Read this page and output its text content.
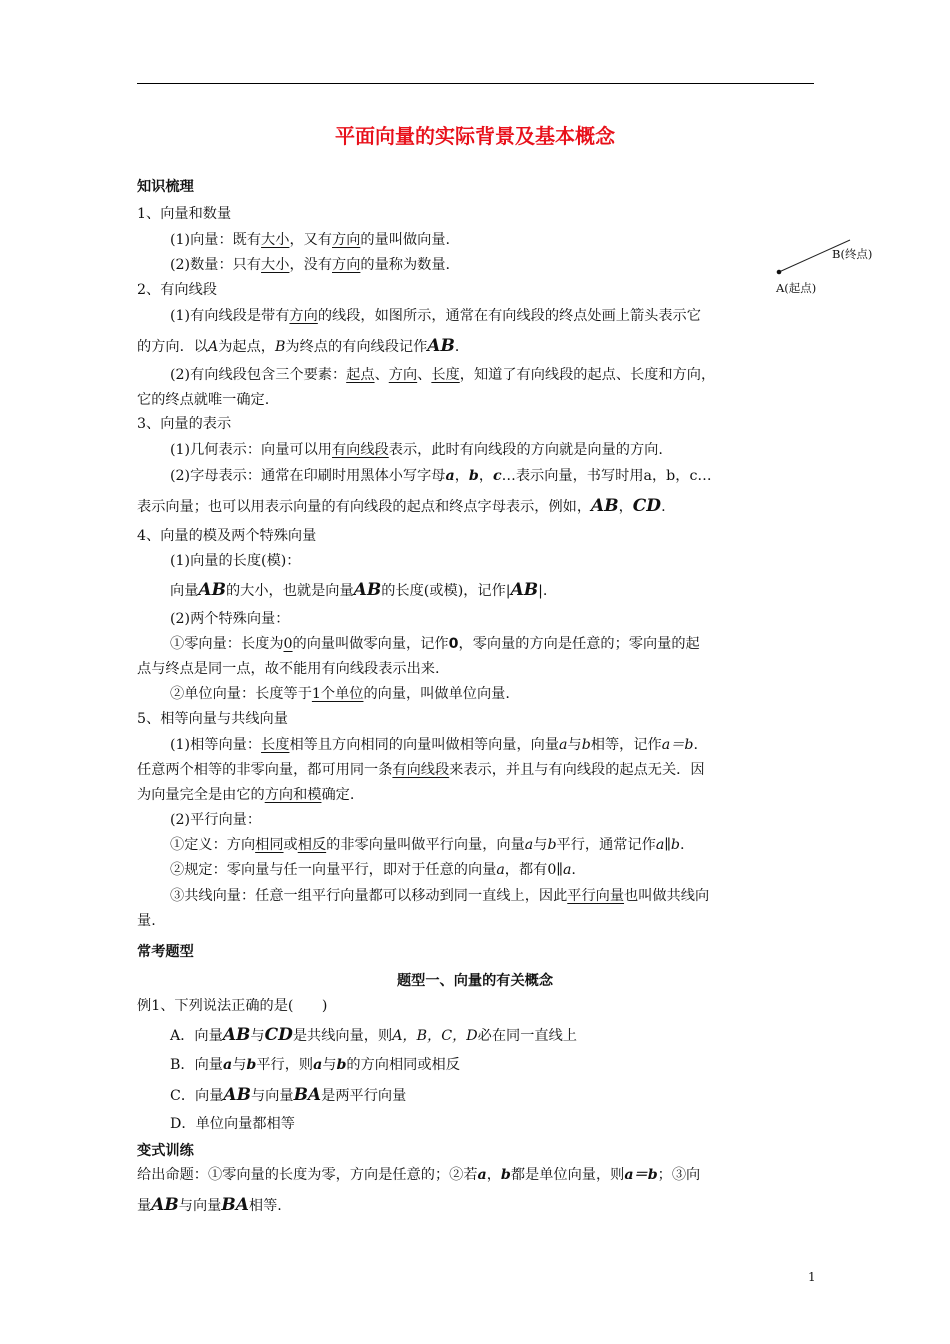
平面向量的实际背景及基本概念
知识梳理
1、向量和数量
(1)向量：既有大小，又有方向的量叫做向量.
(2)数量：只有大小，没有方向的量称为数量.
B(终点)
A(起点)
2、有向线段
(1)有向线段是带有方向的线段，如图所示，通常在有向线段的终点处画上箭头表示它
的方向．以A为起点，B为终点的有向线段记作AB．
(2)有向线段包含三个要素：起点、方向、长度，知道了有向线段的起点、长度和方向，
它的终点就唯一确定.
3、向量的表示
(1)几何表示：向量可以用有向线段表示，此时有向线段的方向就是向量的方向.
(2)字母表示：通常在印刷时用黑体小写字母a，b，c…表示向量，书写时用a，b，c…
表示向量；也可以用表示向量的有向线段的起点和终点字母表示，例如，AB，CD.
4、向量的模及两个特殊向量
(1)向量的长度(模)：
向量AB的大小，也就是向量AB的长度(或模)，记作|AB|.
(2)两个特殊向量：
①零向量：长度为0的向量叫做零向量，记作0，零向量的方向是任意的；零向量的起
点与终点是同一点，故不能用有向线段表示出来.
②单位向量：长度等于1个单位的向量，叫做单位向量.
5、相等向量与共线向量
(1)相等向量：长度相等且方向相同的向量叫做相等向量，向量a与b相等，记作a＝b.
任意两个相等的非零向量，都可用同一条有向线段来表示，并且与有向线段的起点无关．因
为向量完全是由它的方向和模确定.
(2)平行向量：
①定义：方向相同或相反的非零向量叫做平行向量，向量a与b平行，通常记作a∥b.
②规定：零向量与任一向量平行，即对于任意的向量a，都有0∥a.
③共线向量：任意一组平行向量都可以移动到同一直线上，因此平行向量也叫做共线向
量.
常考题型
题型一、向量的有关概念
例1、下列说法正确的是(　　)
A．向量AB与CD是共线向量，则A，B，C，D必在同一直线上
B．向量a与b平行，则a与b的方向相同或相反
C．向量AB与向量BA是两平行向量
D．单位向量都相等
变式训练
给出命题：①零向量的长度为零，方向是任意的；②若a，b都是单位向量，则a＝b；③向
量AB与向量BA相等.
1
